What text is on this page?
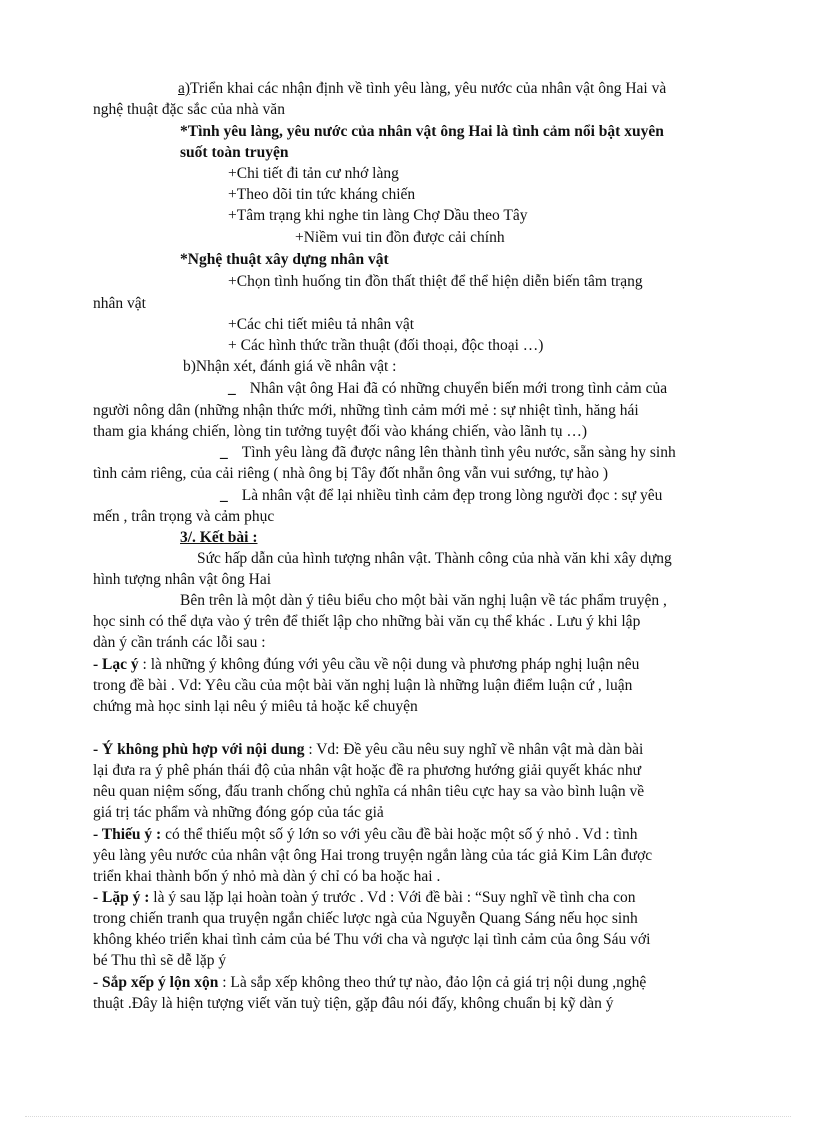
a)Triển khai các nhận định về tình yêu làng, yêu nước của nhân vật ông Hai và
nghệ thuật đặc sắc của nhà văn
*Tình yêu làng, yêu nước của nhân vật ông Hai là tình cảm nổi bật xuyên
suốt toàn truyện
+Chi tiết đi tản cư nhớ làng
+Theo dõi tin tức kháng chiến
+Tâm trạng khi nghe tin làng Chợ Dầu theo Tây
+Niềm vui tin đồn được cải chính
*Nghệ thuật xây dựng nhân vật
+Chọn tình huống tin đồn thất thiệt để thể hiện diễn biến tâm trạng
nhân vật
+Các chi tiết miêu tả nhân vật
+ Các hình thức trần thuật (đối thoại, độc thoại …)
b)Nhận xét, đánh giá về nhân vật :
_ Nhân vật ông Hai đã có những chuyển biến mới trong tình cảm của
người nông dân (những nhận thức mới, những tình cảm mới mẻ : sự nhiệt tình, hăng hái
tham gia kháng chiến, lòng tin tưởng tuyệt đối vào kháng chiến, vào lãnh tụ …)
_ Tình yêu làng đã được nâng lên thành tình yêu nước, sẵn sàng hy sinh
tình cảm riêng, của cải riêng ( nhà ông bị Tây đốt nhẵn ông vẫn vui sướng, tự hào )
_ Là nhân vật để lại nhiều tình cảm đẹp trong lòng người đọc : sự yêu
mến , trân trọng và cảm phục
3/. Kết bài :
Sức hấp dẫn của hình tượng nhân vật. Thành công của nhà văn khi xây dựng
hình tượng nhân vật ông Hai
Bên trên là một dàn ý tiêu biểu cho một bài văn nghị luận về tác phẩm truyện ,
học sinh có thể dựa vào ý trên để thiết lập cho những bài văn cụ thể khác . Lưu ý khi lập
dàn ý cần tránh các lỗi sau :
- Lạc ý : là những ý không đúng với yêu cầu về nội dung và phương pháp nghị luận nêu
trong đề bài . Vd: Yêu cầu của một bài văn nghị luận là những luận điểm luận cứ , luận
chứng mà học sinh lại nêu ý miêu tả hoặc kể chuyện
- Ý không phù hợp với nội dung : Vd: Đề yêu cầu nêu suy nghĩ về nhân vật mà dàn bài
lại đưa ra ý phê phán thái độ của nhân vật hoặc đề ra phương hướng giải quyết khác như
nêu quan niệm sống, đấu tranh chống chủ nghĩa cá nhân tiêu cực hay sa vào bình luận về
giá trị tác phẩm và những đóng góp của tác giả
- Thiếu ý : có thể thiếu một số ý lớn so với yêu cầu đề bài hoặc một số ý nhỏ . Vd : tình
yêu làng yêu nước của nhân vật ông Hai trong truyện ngắn làng của tác giả Kim Lân được
triển khai thành bốn ý nhỏ mà dàn ý chỉ có ba hoặc hai .
- Lặp ý : là ý sau lặp lại hoàn toàn ý trước . Vd : Với đề bài : “Suy nghĩ về tình cha con
trong chiến tranh qua truyện ngắn chiếc lược ngà của Nguyễn Quang Sáng nếu học sinh
không khéo triển khai tình cảm của bé Thu với cha và ngược lại tình cảm của ông Sáu với
bé Thu thì sẽ dễ lặp ý
- Sắp xếp ý lộn xộn : Là sắp xếp không theo thứ tự nào, đảo lộn cả giá trị nội dung ,nghệ
thuật .Đây là hiện tượng viết văn tuỳ tiện, gặp đâu nói đấy, không chuẩn bị kỹ dàn ý
